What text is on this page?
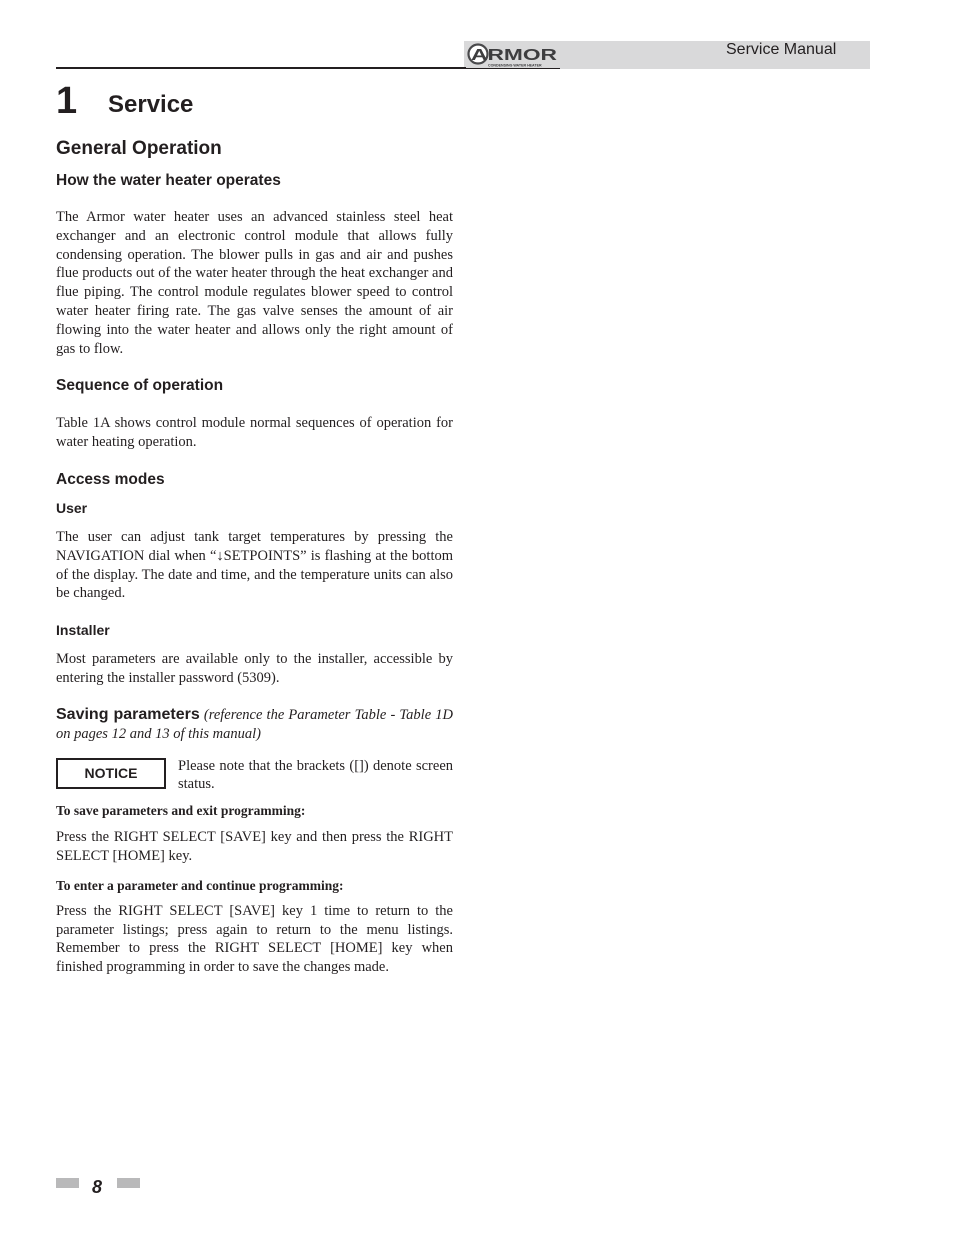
ARMOR
CONDENSING WATER HEATER
Service Manual
1 Service
General Operation
How the water heater operates

The Armor water heater uses an advanced stainless steel heat exchanger and an electronic control module that allows fully condensing operation. The blower pulls in gas and air and pushes flue products out of the water heater through the heat exchanger and flue piping. The control module regulates blower speed to control water heater firing rate. The gas valve senses the amount of air flowing into the water heater and allows only the right amount of gas to flow.

Sequence of operation

Table 1A shows control module normal sequences of operation for water heating operation.

Access modes
User

The user can adjust tank target temperatures by pressing the NAVIGATION dial when “↓SETPOINTS” is flashing at the bottom of the display. The date and time, and the temperature units can also be changed.

Installer

Most parameters are available only to the installer, accessible by entering the installer password (5309).

Saving parameters (reference the Parameter Table - Table 1D on pages 12 and 13 of this manual)

NOTICE	Please note that the brackets ([]) denote screen status.

To save parameters and exit programming:

Press the RIGHT SELECT [SAVE] key and then press the RIGHT SELECT [HOME] key.

To enter a parameter and continue programming:

Press the RIGHT SELECT [SAVE] key 1 time to return to the parameter listings; press again to return to the menu listings. Remember to press the RIGHT SELECT [HOME] key when finished programming in order to save the changes made.

8
